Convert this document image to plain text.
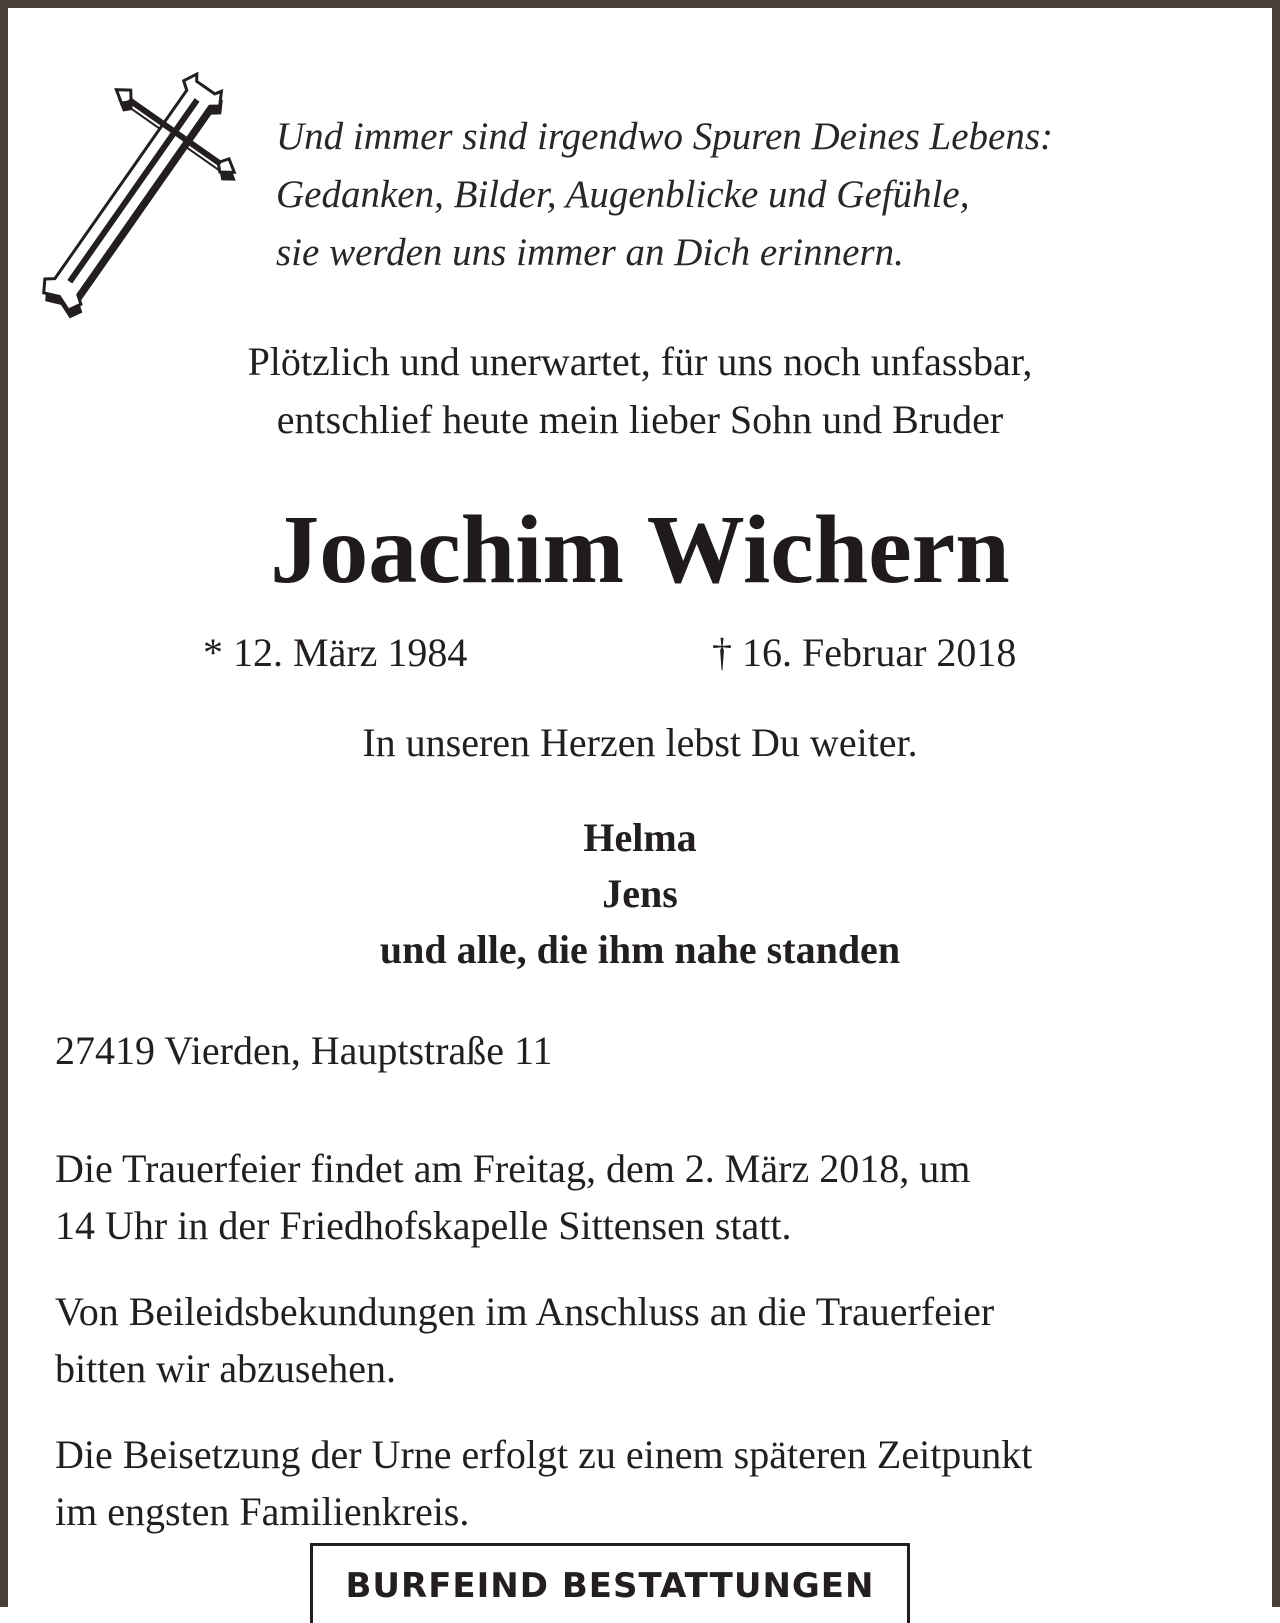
Und immer sind irgendwo Spuren Deines Lebens:
Gedanken, Bilder, Augenblicke und Gefühle,
sie werden uns immer an Dich erinnern.
Plötzlich und unerwartet, für uns noch unfassbar,
entschlief heute mein lieber Sohn und Bruder
Joachim Wichern
* 12. März 1984	† 16. Februar 2018
In unseren Herzen lebst Du weiter.
Helma
Jens
und alle, die ihm nahe standen
27419 Vierden, Hauptstraße 11
Die Trauerfeier findet am Freitag, dem 2. März 2018, um
14 Uhr in der Friedhofskapelle Sittensen statt.
Von Beileidsbekundungen im Anschluss an die Trauerfeier
bitten wir abzusehen.
Die Beisetzung der Urne erfolgt zu einem späteren Zeitpunkt
im engsten Familienkreis.
BURFEIND BESTATTUNGEN
